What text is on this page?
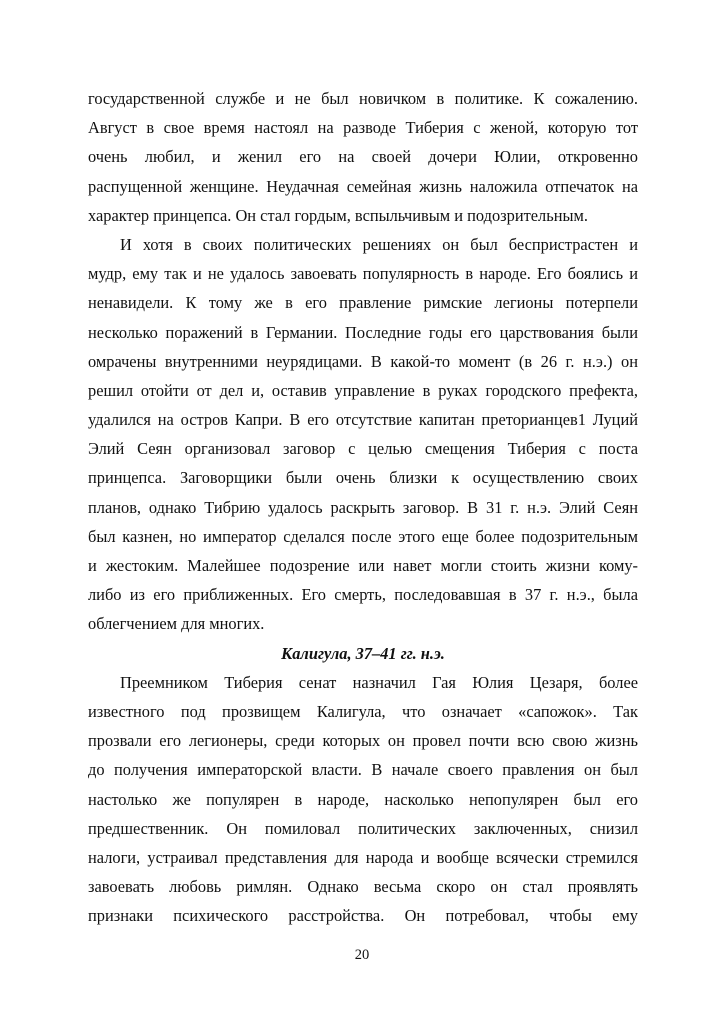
государственной службе и не был новичком в политике. К сожалению.
Август в свое время настоял на разводе Тиберия с женой, которую тот
очень любил, и женил его на своей дочери Юлии, откровенно
распущенной женщине. Неудачная семейная жизнь наложила отпечаток на
характер принцепса. Он стал гордым, вспыльчивым и подозрительным.
И хотя в своих политических решениях он был беспристрастен и
мудр, ему так и не удалось завоевать популярность в народе. Его боялись и
ненавидели. К тому же в его правление римские легионы потерпели
несколько поражений в Германии. Последние годы его царствования были
омрачены внутренними неурядицами. В какой-то момент (в 26 г. н.э.) он
решил отойти от дел и, оставив управление в руках городского префекта,
удалился на остров Капри. В его отсутствие капитан преторианцев1 Луций
Элий Сеян организовал заговор с целью смещения Тиберия с поста
принцепса. Заговорщики были очень близки к осуществлению своих
планов, однако Тибрию удалось раскрыть заговор. В 31 г. н.э. Элий Сеян
был казнен, но император сделался после этого еще более подозрительным
и жестоким. Малейшее подозрение или навет могли стоить жизни кому-
либо из его приближенных. Его смерть, последовавшая в 37 г. н.э., была
облегчением для многих.
Калигула, 37–41 гг. н.э.
Преемником Тиберия сенат назначил Гая Юлия Цезаря, более
известного под прозвищем Калигула, что означает «сапожок». Так
прозвали его легионеры, среди которых он провел почти всю свою жизнь
до получения императорской власти. В начале своего правления он был
настолько же популярен в народе, насколько непопулярен был его
предшественник. Он помиловал политических заключенных, снизил
налоги, устраивал представления для народа и вообще всячески стремился
завоевать любовь римлян. Однако весьма скоро он стал проявлять
признаки психического расстройства. Он потребовал, чтобы ему
20
